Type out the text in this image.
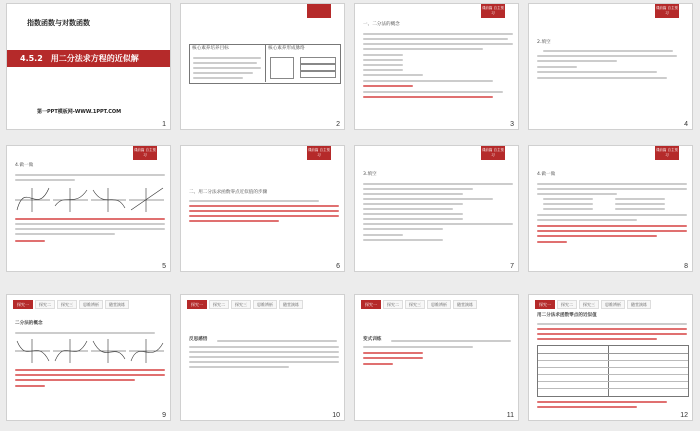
指数函数与对数函数
4.5.2　用二分法求方程的近似解
第一PPT模板网-WWW.1PPT.COM
1
核心素养培养目标	核心素养形成脉络
2
课前篇 自主预习
一、二分法的概念
3
课前篇 自主预习
2.填空
4
课前篇 自主预习
4.做一做
5
课前篇 自主预习
二、用二分法求函数零点近似值的步骤
6
课前篇 自主预习
3.填空
7
课前篇 自主预习
4.做一做
8
探究一	探究二	探究三	思维辨析	随堂演练
二分法的概念
9
探究一	探究二	探究三	思维辨析	随堂演练
反思感悟
10
探究一	探究二	探究三	思维辨析	随堂演练
变式训练
11
探究一	探究二	探究三	思维辨析	随堂演练
用二分法求函数零点的近似值
12
